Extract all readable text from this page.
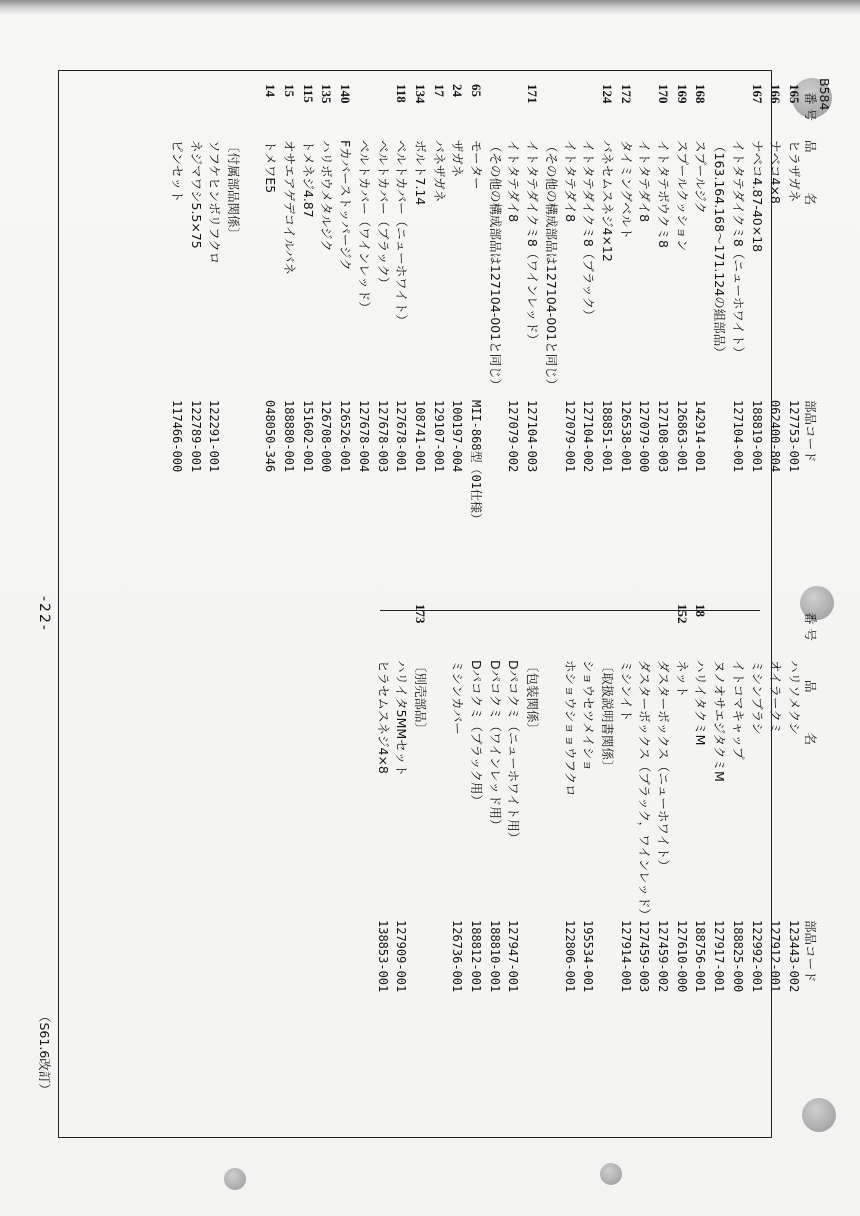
B584
番号
品名
部品コード
番号
品名
部品コード
165
ヒラザガネ
127753-001
166
ナベコ4×8
062400-804
167
ナベコ4.87-40×18
188819-001
イトタテダイクミ8（ニューホワイト）
127104-001
（163.164.168～171.124の組部品）
168
スプールジク
142914-001
169
スプールクッション
126863-001
170
イトタテボウクミ8
127108-003
イトタテダイ8
127079-000
172
タイミングベルト
126538-001
124
バネセムスネジ4×12
188851-001
イトタテダイクミ8（ブラック）
127104-002
イトタテダイ8
127079-001
（その他の構成部品は127104-001と同じ）
171
イトタテダイクミ8（ワインレッド）
127104-003
イトタテダイ8
127079-002
（その他の構成部品は127104-001と同じ）
65
モーター
MII-868型（01仕様）
24
ザガネ
100197-004
17
バネザガネ
129107-001
134
ボルト7.14
108741-001
118
ベルトカバー（ニューホワイト）
127678-001
ベルトカバー（ブラック）
127678-003
ベルトカバー（ワインレッド）
127678-004
140
Fカバーストッパージク
126526-001
135
ハリボウメタルジク
126708-000
115
トメネジ4.87
151602-001
15
オサエアゲデコイルバネ
188880-001
14
トメワE5
048050-346
〔付属部品関係〕
ソフケヒンボリフクロ
122291-001
ネジマワシ5.5×75
122789-001
ピンセット
117466-000
ハリソメクシ
123443-002
オイラークミ
127912-001
ミシンブラシ
122992-001
イトコマキャップ
188825-000
ヌノオサエジタクミM
127917-001
18
ハリイタクミM
188756-001
152
ネット
127610-000
ダスターボックス（ニューホワイト）
127459-002
ダスターボックス（ブラック，ワインレッド）
127459-003
ミシンイト
127914-001
〔取扱説明書関係〕
ショウセツメイショ
195534-001
ホショウショョウフクロ
122806-001
〔包装関係〕
Dパコクミ（ニューホワイト用）
127947-001
Dパコクミ（ワインレッド用）
188810-001
Dパコクミ（ブラック用）
188812-001
ミシンカバー
126736-001
173
〔別売部品〕
ハリイタ5MMセット
127909-001
ヒラセムスネジ4×8
138853-001
-22-
（S61.6改訂）
